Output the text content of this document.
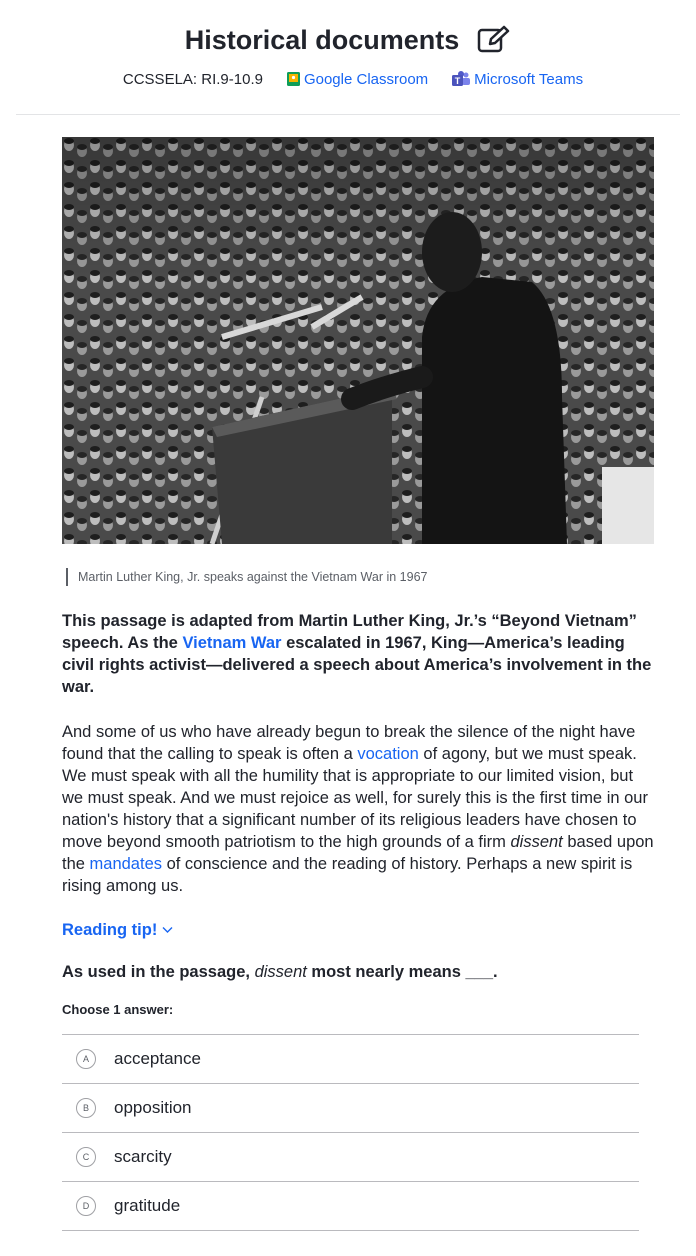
Historical documents
CCSSELA: RI.9-10.9	Google Classroom	T Microsoft Teams
Martin Luther King, Jr. speaks against the Vietnam War in 1967
This passage is adapted from Martin Luther King, Jr.’s “Beyond Vietnam” speech. As the Vietnam War escalated in 1967, King—America’s leading civil rights activist—delivered a speech about America’s involvement in the war.
And some of us who have already begun to break the silence of the night have found that the calling to speak is often a vocation of agony, but we must speak. We must speak with all the humility that is appropriate to our limited vision, but we must speak. And we must rejoice as well, for surely this is the first time in our nation's history that a significant number of its religious leaders have chosen to move beyond smooth patriotism to the high grounds of a firm dissent based upon the mandates of conscience and the reading of history. Perhaps a new spirit is rising among us.
Reading tip!
As used in the passage, dissent most nearly means ___.
Choose 1 answer:
A	acceptance
B	opposition
C	scarcity
D	gratitude
